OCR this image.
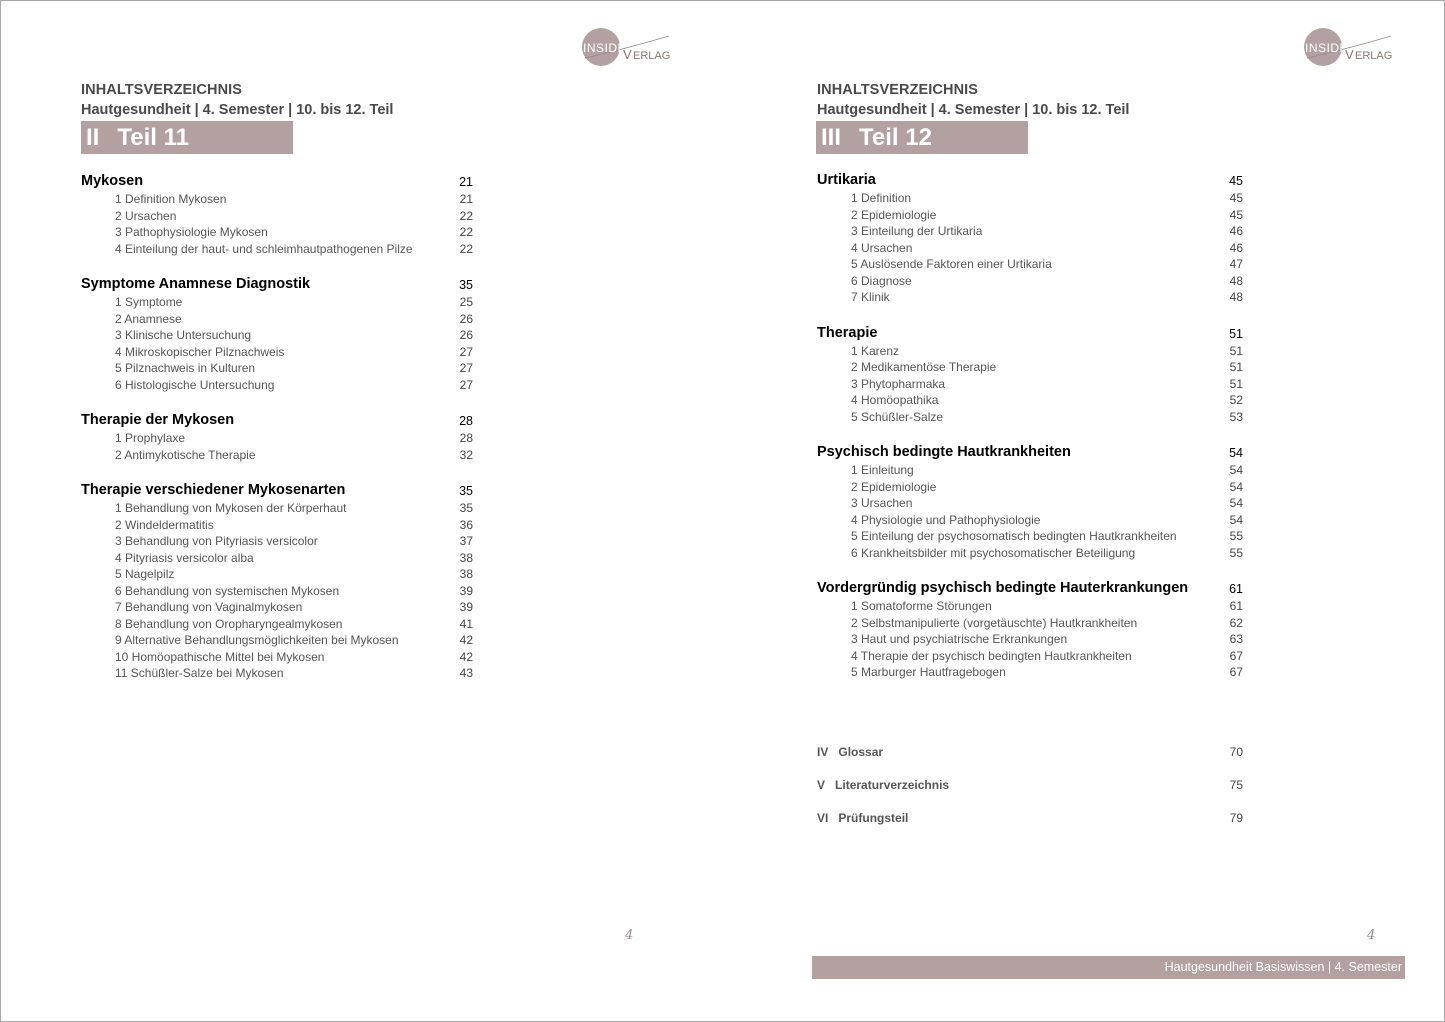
INSIDE
V ERLAG
INSIDE
V ERLAG
INHALTSVERZEICHNIS
Hautgesundheit | 4. Semester | 10. bis 12. Teil
II Teil 11
Mykosen	21
1 Definition Mykosen	21
2 Ursachen	22
3 Pathophysiologie Mykosen	22
4 Einteilung der haut- und schleimhautpathogenen Pilze	22
Symptome Anamnese Diagnostik	35
1 Symptome	25
2 Anamnese	26
3 Klinische Untersuchung	26
4 Mikroskopischer Pilznachweis	27
5 Pilznachweis in Kulturen	27
6 Histologische Untersuchung	27
Therapie der Mykosen	28
1 Prophylaxe	28
2 Antimykotische Therapie	32
Therapie verschiedener Mykosenarten	35
1 Behandlung von Mykosen der Körperhaut	35
2 Windeldermatitis	36
3 Behandlung von Pityriasis versicolor	37
4 Pityriasis versicolor alba	38
5 Nagelpilz	38
6 Behandlung von systemischen Mykosen	39
7 Behandlung von Vaginalmykosen	39
8 Behandlung von Oropharyngealmykosen	41
9 Alternative Behandlungsmöglichkeiten bei Mykosen	42
10 Homöopathische Mittel bei Mykosen	42
11 Schüßler-Salze bei Mykosen	43
4
INHALTSVERZEICHNIS
Hautgesundheit | 4. Semester | 10. bis 12. Teil
III Teil 12
Urtikaria	45
1 Definition	45
2 Epidemiologie	45
3 Einteilung der Urtikaria	46
4 Ursachen	46
5 Auslösende Faktoren einer Urtikaria	47
6 Diagnose	48
7 Klinik	48
Therapie	51
1 Karenz	51
2 Medikamentöse Therapie	51
3 Phytopharmaka	51
4 Homöopathika	52
5 Schüßler-Salze	53
Psychisch bedingte Hautkrankheiten	54
1 Einleitung	54
2 Epidemiologie	54
3 Ursachen	54
4 Physiologie und Pathophysiologie	54
5 Einteilung der psychosomatisch bedingten Hautkrankheiten	55
6 Krankheitsbilder mit psychosomatischer Beteiligung	55
Vordergründig psychisch bedingte Hauterkrankungen	61
1 Somatoforme Störungen	61
2 Selbstmanipulierte (vorgetäuschte) Hautkrankheiten	62
3 Haut und psychiatrische Erkrankungen	63
4 Therapie der psychisch bedingten Hautkrankheiten	67
5 Marburger Hautfragebogen	67
IV Glossar	70
V Literaturverzeichnis	75
VI Prüfungsteil	79
4
Hautgesundheit Basiswissen | 4. Semester
